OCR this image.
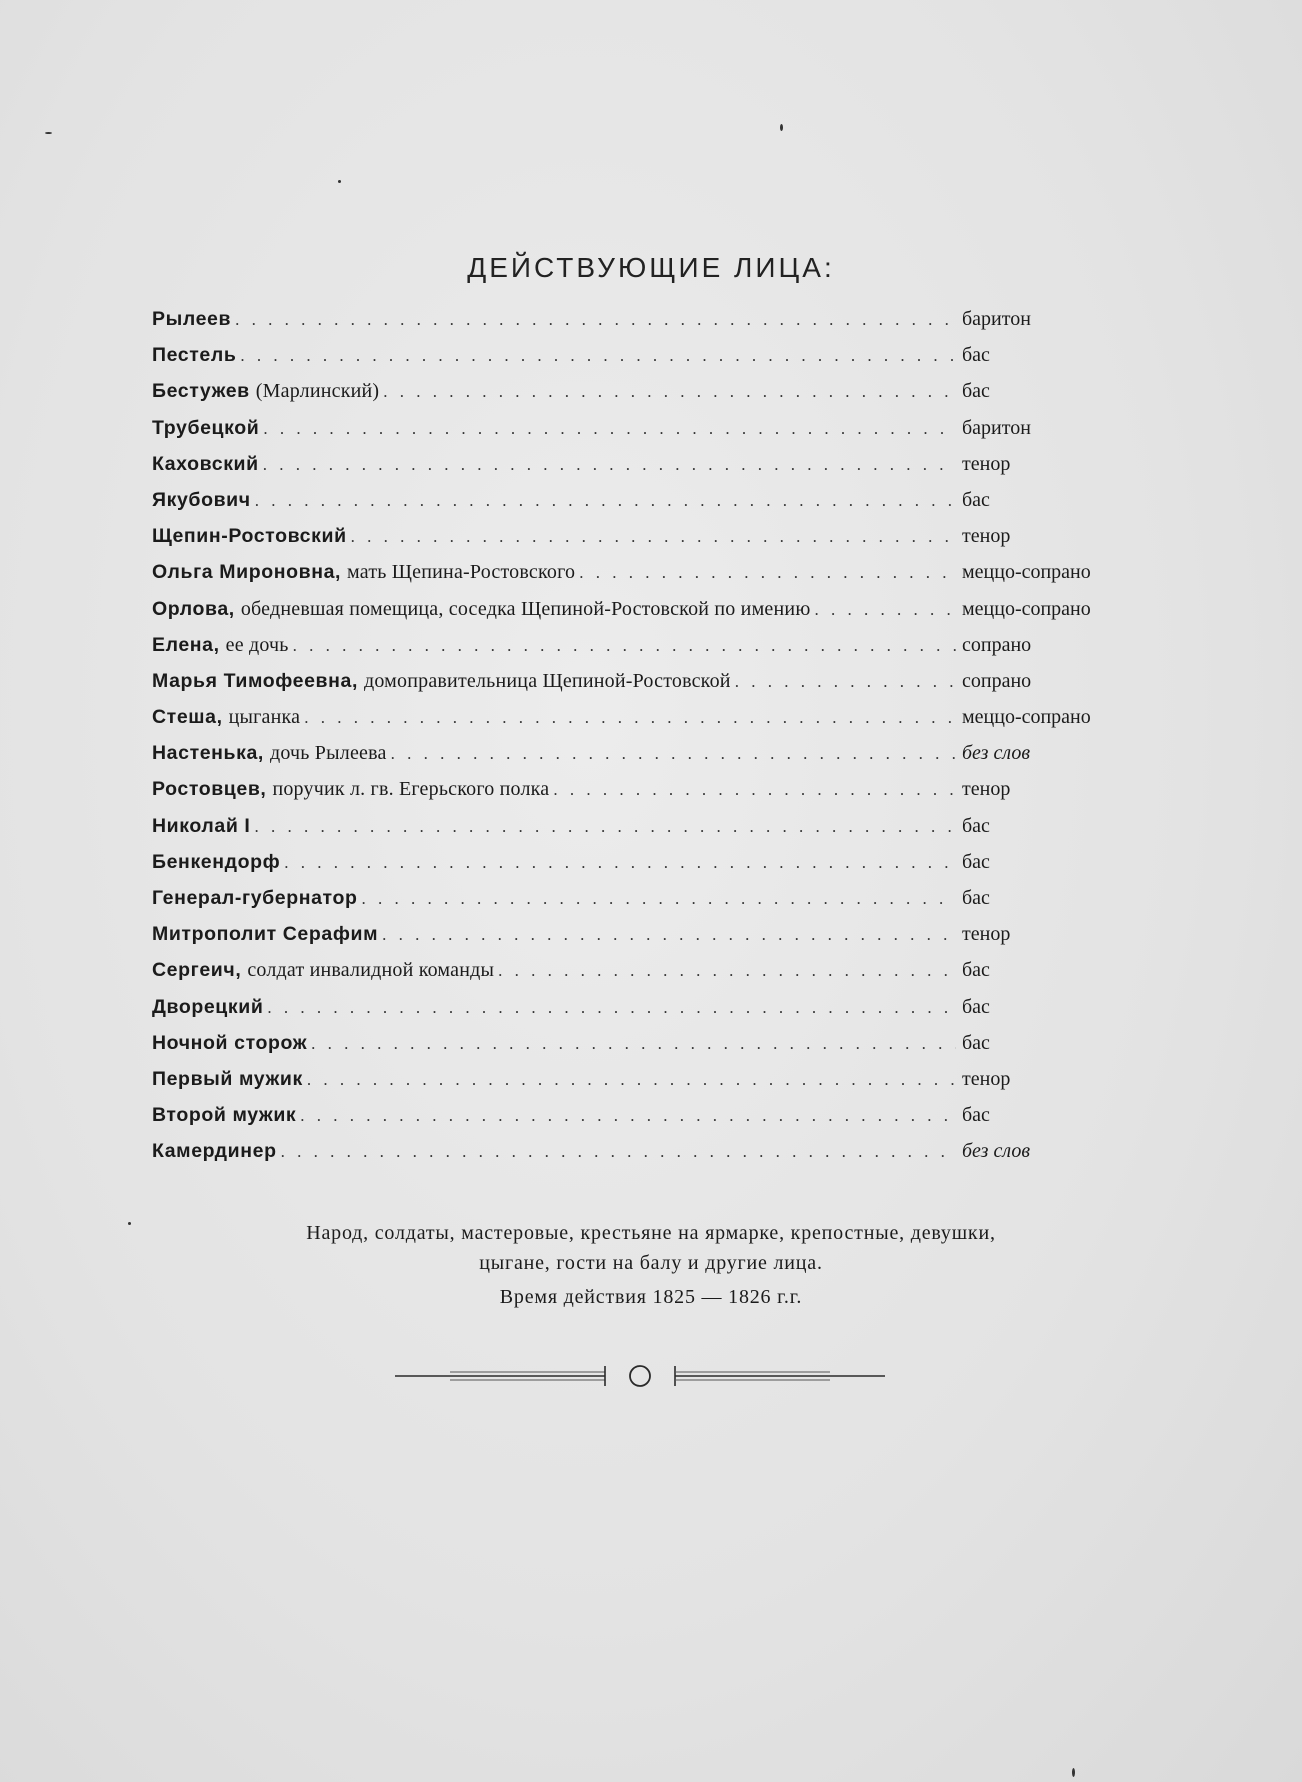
ДЕЙСТВУЮЩИЕ ЛИЦА:
Рылеев . . .	баритон
Пестель . . .	бас
Бестужев (Марлинский) . . .	бас
Трубецкой . . .	баритон
Каховский . . .	тенор
Якубович . . .	бас
Щепин-Ростовский . . .	тенор
Ольга Мироновна, мать Щепина-Ростовского . . .	меццо-сопрано
Орлова, обедневшая помещица, соседка Щепиной-Ростовской по имению . . .	меццо-сопрано
Елена, ее дочь . . .	сопрано
Марья Тимофеевна, домоправительница Щепиной-Ростовской . . .	сопрано
Стеша, цыганка . . .	меццо-сопрано
Настенька, дочь Рылеева . . .	без слов
Ростовцев, поручик л. гв. Егерьского полка . . .	тенор
Николай I . . .	бас
Бенкендорф . . .	бас
Генерал-губернатор . . .	бас
Митрополит Серафим . . .	тенор
Сергеич, солдат инвалидной команды . . .	бас
Дворецкий . . .	бас
Ночной сторож . . .	бас
Первый мужик . . .	тенор
Второй мужик . . .	бас
Камердинер . . .	без слов
Народ, солдаты, мастеровые, крестьяне на ярмарке, крепостные, девушки,
цыгане, гости на балу и другие лица.
Время действия 1825 — 1826 г.г.
